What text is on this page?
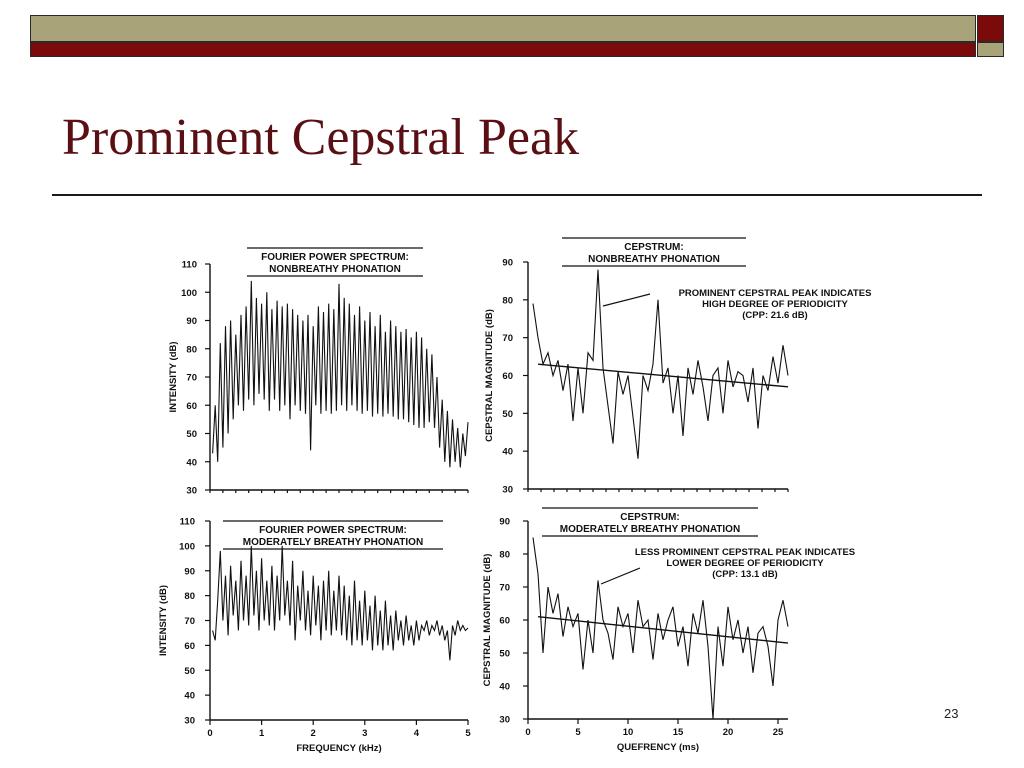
Prominent Cepstral Peak
30
40
50
60
70
80
90
100
110
INTENSITY (dB)
FOURIER POWER SPECTRUM:
NONBREATHY PHONATION
30
40
50
60
70
80
90
CEPSTRAL MAGNITUDE (dB)
CEPSTRUM:
NONBREATHY PHONATION
PROMINENT CEPSTRAL PEAK INDICATES
HIGH DEGREE OF PERIODICITY
(CPP: 21.6 dB)
30
40
50
60
70
80
90
100
110
0	1	2	3	4	5
INTENSITY (dB)
FREQUENCY (kHz)
FOURIER POWER SPECTRUM:
MODERATELY BREATHY PHONATION
30
40
50
60
70
80
90
0	5	10	15	20	25
CEPSTRAL MAGNITUDE (dB)
QUEFRENCY (ms)
CEPSTRUM:
MODERATELY BREATHY PHONATION
LESS PROMINENT CEPSTRAL PEAK INDICATES
LOWER DEGREE OF PERIODICITY
(CPP: 13.1 dB)
23
